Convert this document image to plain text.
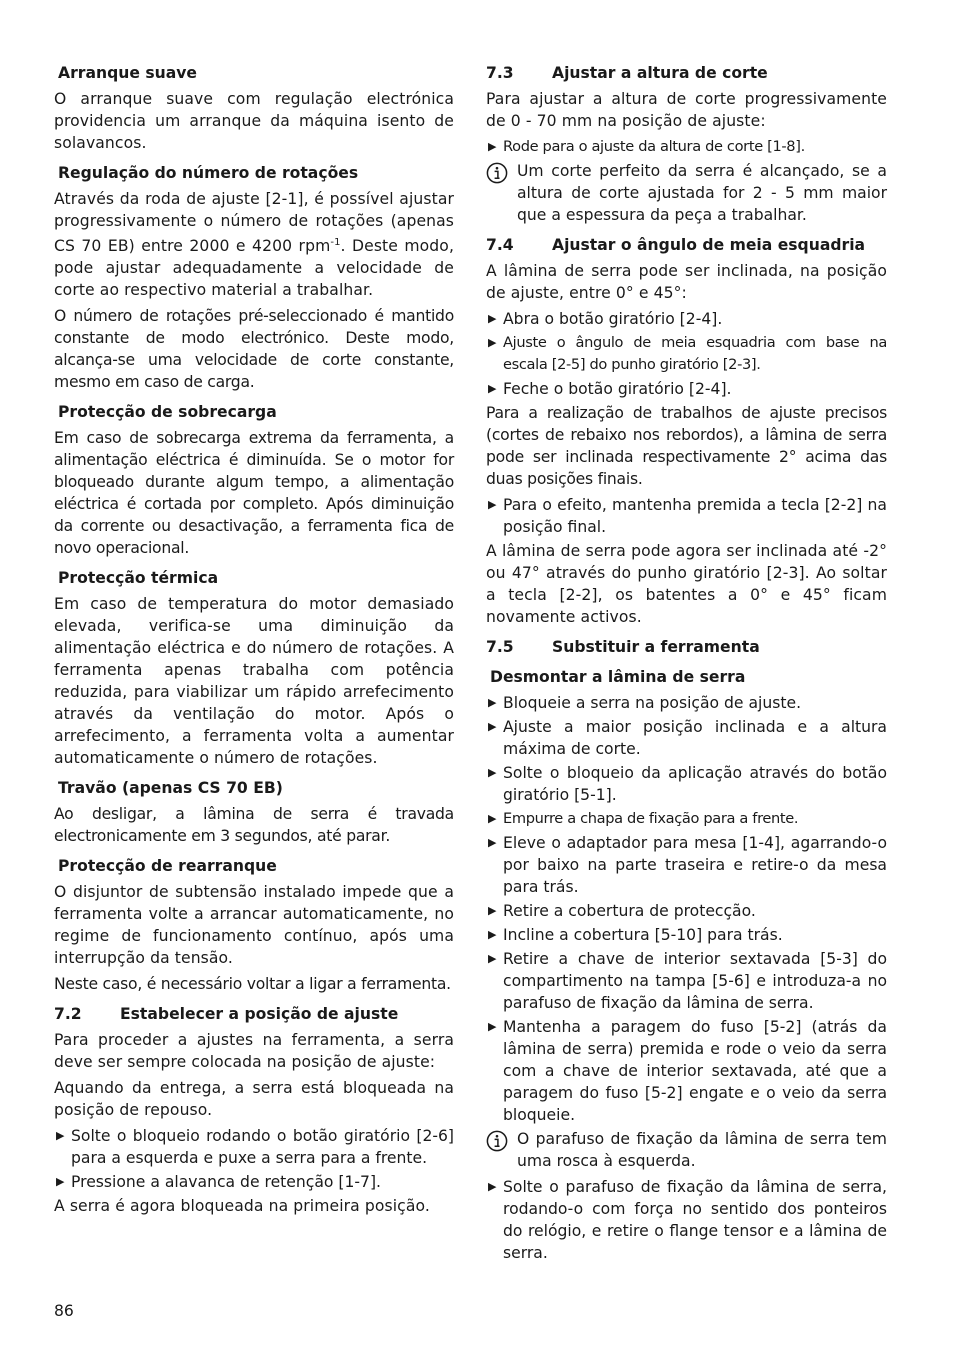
Arranque suave

O arranque suave com regulação electrónica providencia um arranque da máquina isento de solavancos.

Regulação do número de rotações

Através da roda de ajuste [2-1], é possível ajustar progressivamente o número de rotações (apenas CS 70 EB) entre 2000 e 4200 rpm$^{-1}$. Deste modo, pode ajustar adequadamente a velocidade de corte ao respectivo material a trabalhar.

O número de rotações pré-seleccionado é mantido constante de modo electrónico. Deste modo, alcança-se uma velocidade de corte constante, mesmo em caso de carga.

Protecção de sobrecarga

Em caso de sobrecarga extrema da ferramenta, a alimentação eléctrica é diminuída. Se o motor for bloqueado durante algum tempo, a alimentação eléctrica é cortada por completo. Após diminuição da corrente ou desactivação, a ferramenta fica de novo operacional.

Protecção térmica

Em caso de temperatura do motor demasiado elevada, verifica-se uma diminuição da alimentação eléctrica e do número de rotações. A ferramenta apenas trabalha com potência reduzida, para viabilizar um rápido arrefecimento através da ventilação do motor. Após o arrefecimento, a ferramenta volta a aumentar automaticamente o número de rotações.

Travão (apenas CS 70 EB)

Ao desligar, a lâmina de serra é travada electronicamente em 3 segundos, até parar.

Protecção de rearranque

O disjuntor de subtensão instalado impede que a ferramenta volte a arrancar automaticamente, no regime de funcionamento contínuo, após uma interrupção da tensão.

Neste caso, é necessário voltar a ligar a ferramenta.

7.2	Estabelecer a posição de ajuste

Para proceder a ajustes na ferramenta, a serra deve ser sempre colocada na posição de ajuste:

Aquando da entrega, a serra está bloqueada na posição de repouso.

▶ Solte o bloqueio rodando o botão giratório [2-6] para a esquerda e puxe a serra para a frente.
▶ Pressione a alavanca de retenção [1-7].

A serra é agora bloqueada na primeira posição.

7.3	Ajustar a altura de corte

Para ajustar a altura de corte progressivamente de 0 - 70 mm na posição de ajuste:

▶ Rode para o ajuste da altura de corte [1-8].
Um corte perfeito da serra é alcançado, se a altura de corte ajustada for 2 - 5 mm maior que a espessura da peça a trabalhar.
7.4	Ajustar o ângulo de meia esquadria

A lâmina de serra pode ser inclinada, na posição de ajuste, entre 0° e 45°:

▶ Abra o botão giratório [2-4].
▶ Ajuste o ângulo de meia esquadria com base na escala [2-5] do punho giratório [2-3].
▶ Feche o botão giratório [2-4].

Para a realização de trabalhos de ajuste precisos (cortes de rebaixo nos rebordos), a lâmina de serra pode ser inclinada respectivamente 2° acima das duas posições finais.

▶ Para o efeito, mantenha premida a tecla [2-2] na posição final.

A lâmina de serra pode agora ser inclinada até -2° ou 47° através do punho giratório [2-3]. Ao soltar a tecla [2-2], os batentes a 0° e 45° ficam novamente activos.

7.5	Substituir a ferramenta

Desmontar a lâmina de serra

▶ Bloqueie a serra na posição de ajuste.
▶ Ajuste a maior posição inclinada e a altura máxima de corte.
▶ Solte o bloqueio da aplicação através do botão giratório [5-1].
▶ Empurre a chapa de fixação para a frente.
▶ Eleve o adaptador para mesa [1-4], agarrando-o por baixo na parte traseira e retire-o da mesa para trás.
▶ Retire a cobertura de protecção.
▶ Incline a cobertura [5-10] para trás.
▶ Retire a chave de interior sextavada [5-3] do compartimento na tampa [5-6] e introduza-a no parafuso de fixação da lâmina de serra.
▶ Mantenha a paragem do fuso [5-2] (atrás da lâmina de serra) premida e rode o veio da serra com a chave de interior sextavada, até que a paragem do fuso [5-2] engate e o veio da serra bloqueie.
O parafuso de fixação da lâmina de serra tem uma rosca à esquerda.
▶ Solte o parafuso de fixação da lâmina de serra, rodando-o com força no sentido dos ponteiros do relógio, e retire o flange tensor e a lâmina de serra.
86
